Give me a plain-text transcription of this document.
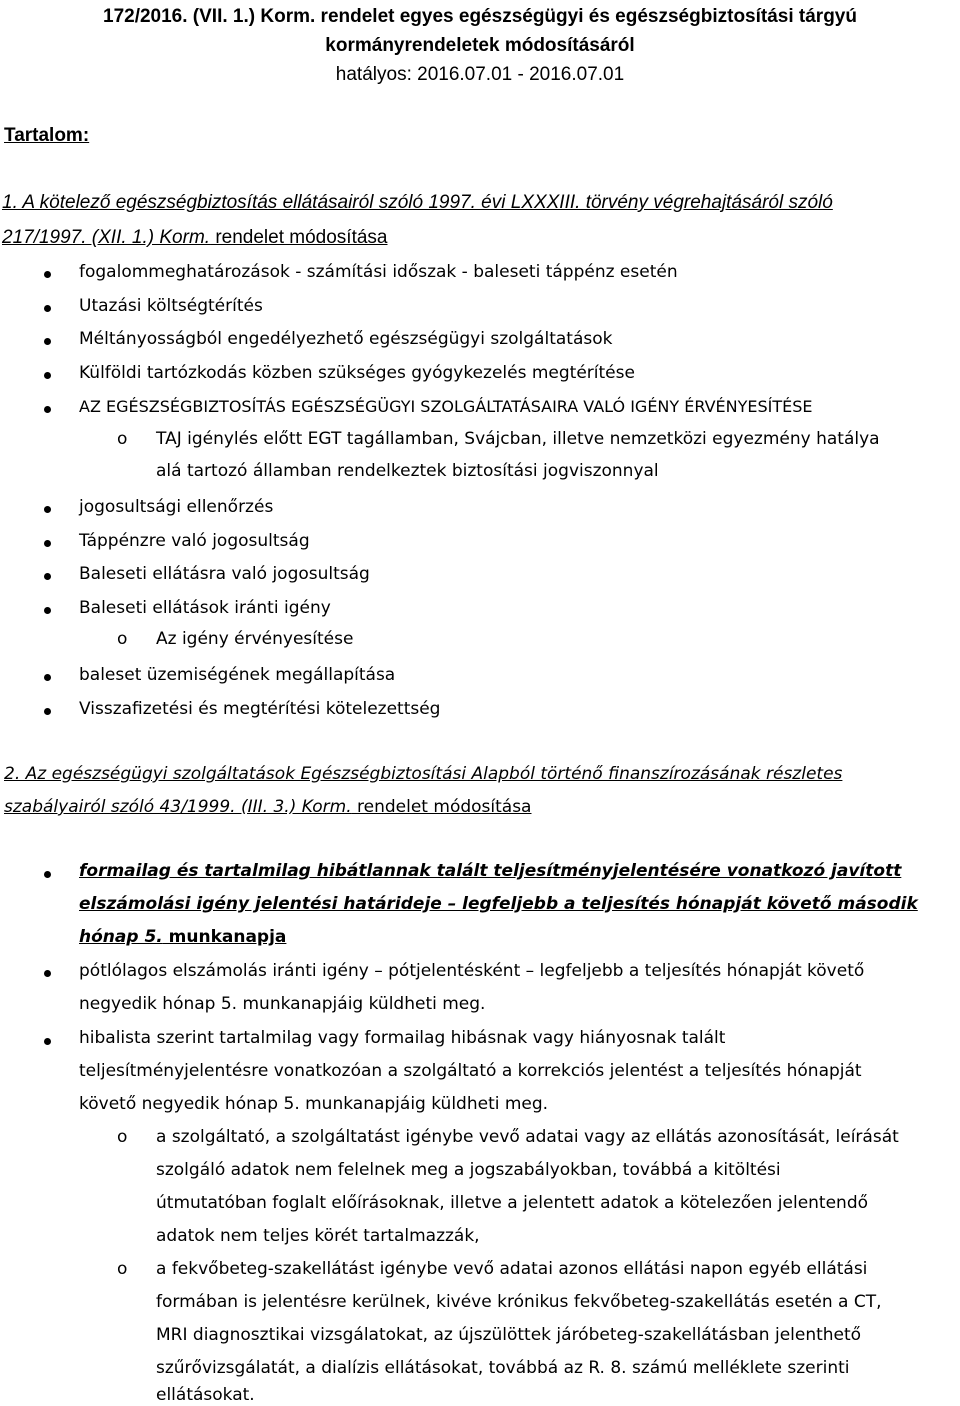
172/2016. (VII. 1.) Korm. rendelet egyes egészségügyi és egészségbiztosítási tárgyú
kormányrendeletek módosításáról
hatályos: 2016.07.01 - 2016.07.01
Tartalom:
1. A kötelező egészségbiztosítás ellátásairól szóló 1997. évi LXXXIII. törvény végrehajtásáról szóló
217/1997. (XII. 1.) Korm. rendelet módosítása
fogalommeghatározások - számítási időszak - baleseti táppénz esetén
Utazási költségtérítés
Méltányosságból engedélyezhető egészségügyi szolgáltatások
Külföldi tartózkodás közben szükséges gyógykezelés megtérítése
AZ EGÉSZSÉGBIZTOSÍTÁS EGÉSZSÉGÜGYI SZOLGÁLTATÁSAIRA VALÓ IGÉNY ÉRVÉNYESÍTÉSE
o TAJ igénylés előtt EGT tagállamban, Svájcban, illetve nemzetközi egyezmény hatálya
alá tartozó államban rendelkeztek biztosítási jogviszonnyal
jogosultsági ellenőrzés
Táppénzre való jogosultság
Baleseti ellátásra való jogosultság
Baleseti ellátások iránti igény
o Az igény érvényesítése
baleset üzemiségének megállapítása
Visszafizetési és megtérítési kötelezettség
2. Az egészségügyi szolgáltatások Egészségbiztosítási Alapból történő finanszírozásának részletes
szabályairól szóló 43/1999. (III. 3.) Korm. rendelet módosítása
formailag és tartalmilag hibátlannak talált teljesítményjelentésére vonatkozó javított
elszámolási igény jelentési határideje – legfeljebb a teljesítés hónapját követő második
hónap 5. munkanapja
pótlólagos elszámolás iránti igény – pótjelentésként – legfeljebb a teljesítés hónapját követő
negyedik hónap 5. munkanapjáig küldheti meg.
hibalista szerint tartalmilag vagy formailag hibásnak vagy hiányosnak talált
teljesítményjelentésre vonatkozóan a szolgáltató a korrekciós jelentést a teljesítés hónapját
követő negyedik hónap 5. munkanapjáig küldheti meg.
o a szolgáltató, a szolgáltatást igénybe vevő adatai vagy az ellátás azonosítását, leírását
szolgáló adatok nem felelnek meg a jogszabályokban, továbbá a kitöltési
útmutatóban foglalt előírásoknak, illetve a jelentett adatok a kötelezően jelentendő
adatok nem teljes körét tartalmazzák,
o a fekvőbeteg-szakellátást igénybe vevő adatai azonos ellátási napon egyéb ellátási
formában is jelentésre kerülnek, kivéve krónikus fekvőbeteg-szakellátás esetén a CT,
MRI diagnosztikai vizsgálatokat, az újszülöttek járóbeteg-szakellátásban jelenthető
szűrővizsgálatát, a dialízis ellátásokat, továbbá az R. 8. számú melléklete szerinti
ellátásokat.
